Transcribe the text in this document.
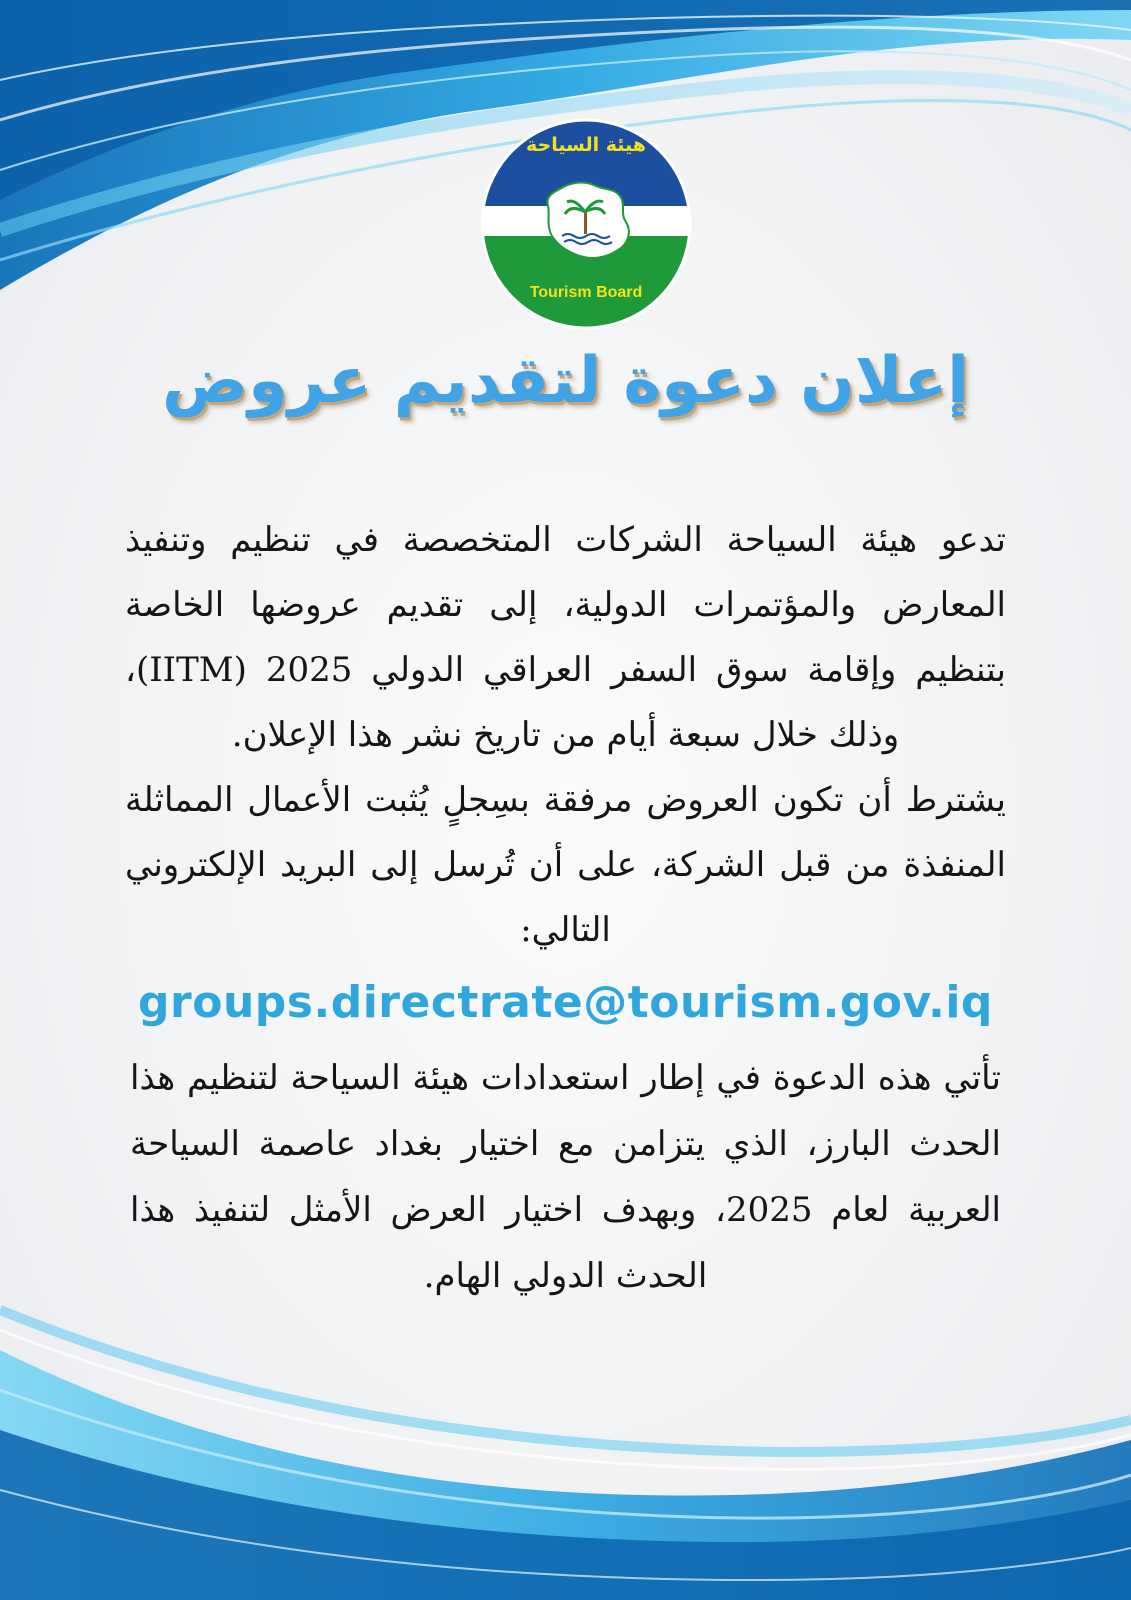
هيئة السياحة
Tourism Board
إعلان دعوة لتقديم عروض
تدعو هيئة السياحة الشركات المتخصصة في تنظيم وتنفيذ المعارض والمؤتمرات الدولية، إلى تقديم عروضها الخاصة بتنظيم وإقامة سوق السفر العراقي الدولي 2025 (IITM)، وذلك خلال سبعة أيام من تاريخ نشر هذا الإعلان.
يشترط أن تكون العروض مرفقة بسِجلٍ يُثبت الأعمال المماثلة المنفذة من قبل الشركة، على أن تُرسل إلى البريد الإلكتروني التالي:
groups.directrate@tourism.gov.iq
تأتي هذه الدعوة في إطار استعدادات هيئة السياحة لتنظيم هذا الحدث البارز، الذي يتزامن مع اختيار بغداد عاصمة السياحة العربية لعام 2025، وبهدف اختيار العرض الأمثل لتنفيذ هذا الحدث الدولي الهام.
